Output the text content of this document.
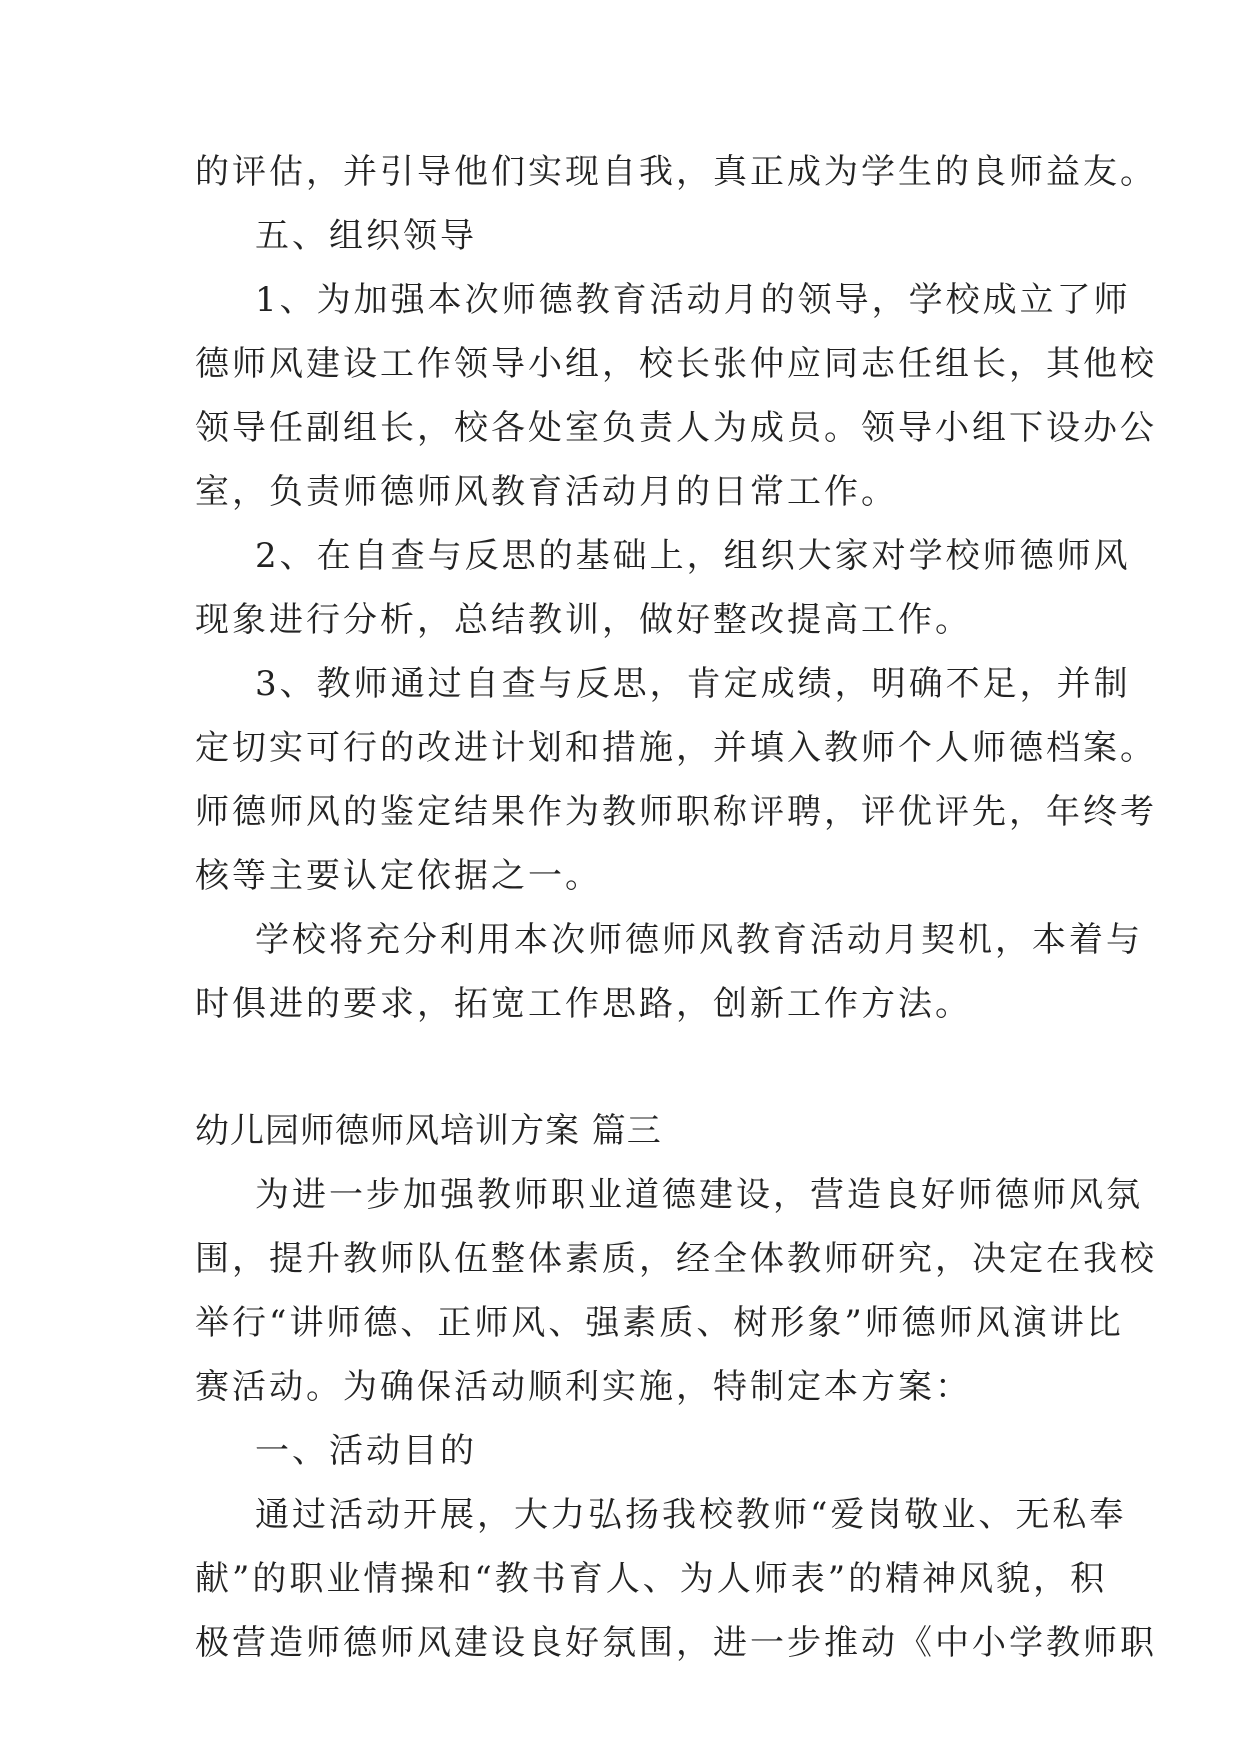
的评估，并引导他们实现自我，真正成为学生的良师益友。
五、组织领导
1、为加强本次师德教育活动月的领导，学校成立了师
德师风建设工作领导小组，校长张仲应同志任组长，其他校
领导任副组长，校各处室负责人为成员。领导小组下设办公
室，负责师德师风教育活动月的日常工作。
2、在自查与反思的基础上，组织大家对学校师德师风
现象进行分析，总结教训，做好整改提高工作。
3、教师通过自查与反思，肯定成绩，明确不足，并制
定切实可行的改进计划和措施，并填入教师个人师德档案。
师德师风的鉴定结果作为教师职称评聘，评优评先，年终考
核等主要认定依据之一。
学校将充分利用本次师德师风教育活动月契机，本着与
时俱进的要求，拓宽工作思路，创新工作方法。
幼儿园师德师风培训方案 篇三
为进一步加强教师职业道德建设，营造良好师德师风氛
围，提升教师队伍整体素质，经全体教师研究，决定在我校
举行“讲师德、正师风、强素质、树形象”师德师风演讲比
赛活动。为确保活动顺利实施，特制定本方案：
一、活动目的
通过活动开展，大力弘扬我校教师“爱岗敬业、无私奉
献”的职业情操和“教书育人、为人师表”的精神风貌，积
极营造师德师风建设良好氛围，进一步推动《中小学教师职
